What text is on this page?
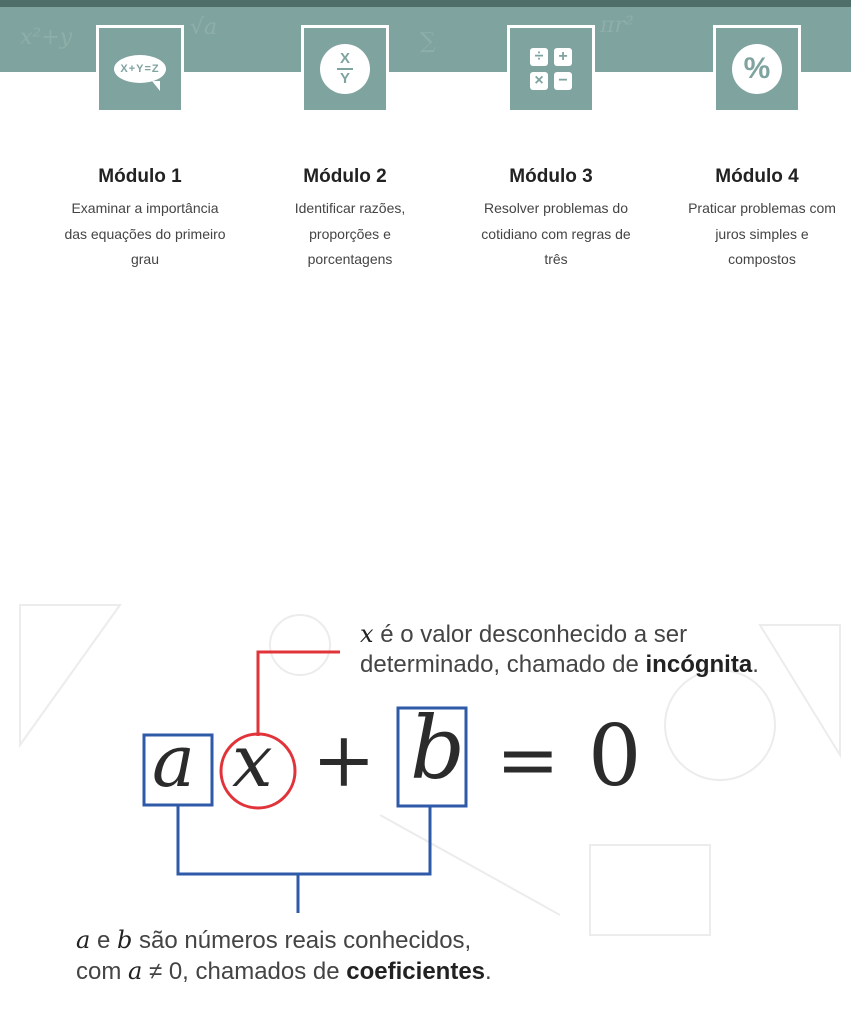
x²+y	√a
∑
πr²
X+Y=Z
Módulo 1
Examinar a importância
das equações do primeiro
grau
X
Y
Módulo 2
Identificar razões,
proporções e
porcentagens
÷ +
× −
Módulo 3
Resolver problemas do
cotidiano com regras de
três
%
Módulo 4
Praticar problemas com
juros simples e
compostos
a x + b = 0
x é o valor desconhecido a ser
determinado, chamado de incógnita.
a e b são números reais conhecidos,
com a ≠ 0, chamados de coeficientes.
